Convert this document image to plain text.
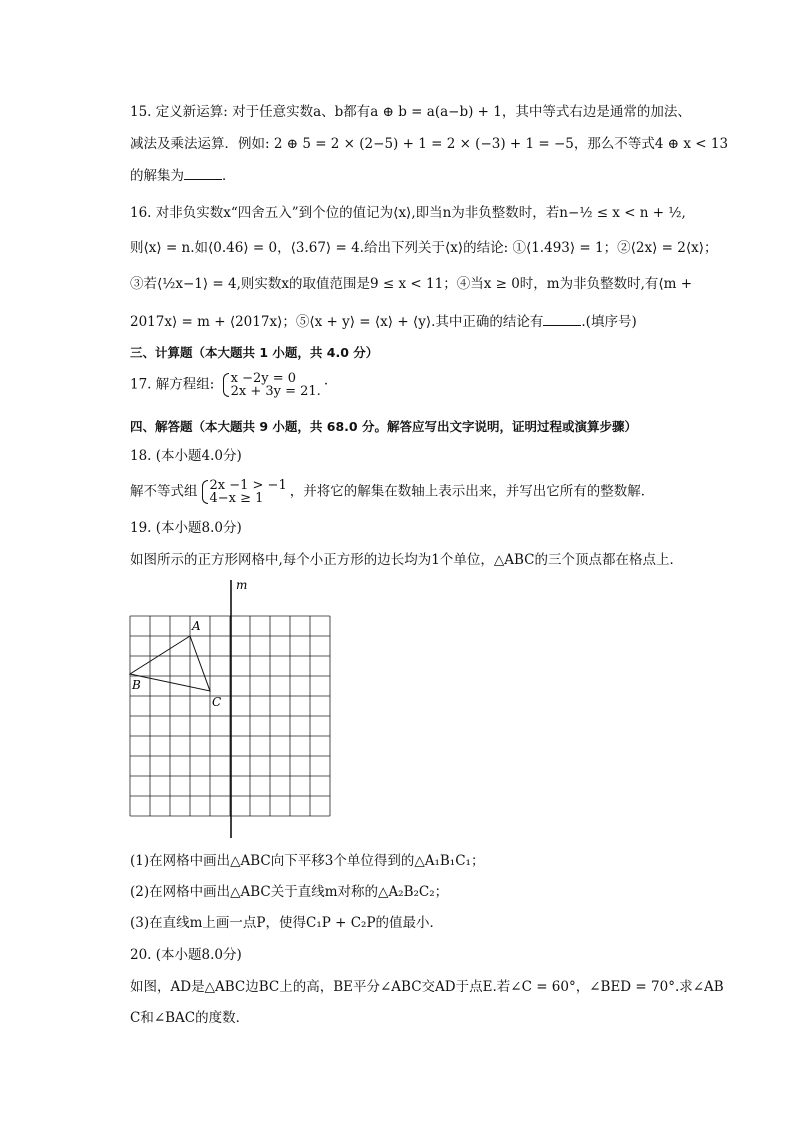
15. 定义新运算: 对于任意实数a、b都有a ⊕ b = a(a−b) + 1，其中等式右边是通常的加法、
减法及乘法运算．例如: 2 ⊕ 5 = 2 × (2−5) + 1 = 2 × (−3) + 1 = −5，那么不等式4 ⊕ x < 13
的解集为	．
16. 对非负实数x“四舍五入”到个位的值记为⟨x⟩,即当n为非负整数时，若n−½ ≤ x < n + ½,
则⟨x⟩ = n.如⟨0.46⟩ = 0，⟨3.67⟩ = 4.给出下列关于⟨x⟩的结论: ①⟨1.493⟩ = 1；②⟨2x⟩ = 2⟨x⟩；
③若⟨½x−1⟩ = 4,则实数x的取值范围是9 ≤ x < 11；④当x ≥ 0时，m为非负整数时,有⟨m +
2017x⟩ = m + ⟨2017x⟩；⑤⟨x + y⟩ = ⟨x⟩ + ⟨y⟩.其中正确的结论有	.(填序号)
三、计算题（本大题共 1 小题，共 4.0 分）
17. 解方程组: x −2y = 0
2x + 3y = 21. ·
四、解答题（本大题共 9 小题，共 68.0 分。解答应写出文字说明，证明过程或演算步骤）
18. (本小题4.0分)
解不等式组 2x −1 > −1
4−x ≥ 1	，并将它的解集在数轴上表示出来，并写出它所有的整数解．
19. (本小题8.0分)
如图所示的正方形网格中,每个小正方形的边长均为1个单位，△ABC的三个顶点都在格点上．
m
A
B
C
(1)在网格中画出△ABC向下平移3个单位得到的△A₁B₁C₁；
(2)在网格中画出△ABC关于直线m对称的△A₂B₂C₂；
(3)在直线m上画一点P，使得C₁P + C₂P的值最小．
20. (本小题8.0分)
如图，AD是△ABC边BC上的高，BE平分∠ABC交AD于点E.若∠C = 60°，∠BED = 70°.求∠AB
C和∠BAC的度数．
